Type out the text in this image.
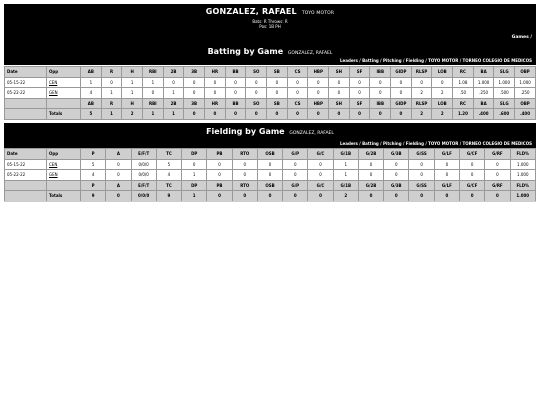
GONZALEZ, RAFAEL TOYO MOTOR
Bats: R Throws: R
Pos: 1B PH
Games /
Batting by Game GONZALEZ, RAFAEL
Leaders / Batting / Pitching / Fielding / TOYO MOTOR / TORNEO COLEGIO DE MEDICOS
Date	Opp	AB	R	H	RBI	2B	3B	HR	BB	SO	SB	CS	HBP	SH	SF	IBB	GIDP	RLSP	LOB	RC	BA	SLG	OBP
05-15-22	CEN	1	0	1	1	0	0	0	0	0	0	0	0	0	0	0	0	0	0	1.08	1.000	1.000	1.000
05-22-22	GEN	4	1	1	0	1	0	0	0	0	0	0	0	0	0	0	0	2	2	.50	.250	.500	.250
		AB	R	H	RBI	2B	3B	HR	BB	SO	SB	CS	HBP	SH	SF	IBB	GIDP	RLSP	LOB	RC	BA	SLG	OBP
	Totals	5	1	2	1	1	0	0	0	0	0	0	0	0	0	0	0	2	2	1.20	.400	.600	.400
Fielding by Game GONZALEZ, RAFAEL
Leaders / Batting / Pitching / Fielding / TOYO MOTOR / TORNEO COLEGIO DE MEDICOS
Date	Opp	P	A	E/F/T	TC	DP	PB	RTO	OSB	G/P	G/C	G/1B	G/2B	G/3B	G/SS	G/LF	G/CF	G/RF	FLD%
05-15-22	CEN	5	0	0/0/0	5	0	0	0	0	0	0	1	0	0	0	0	0	0	1.000
05-22-22	GEN	4	0	0/0/0	4	1	0	0	0	0	0	1	0	0	0	0	0	0	1.000
		P	A	E/F/T	TC	DP	PB	RTO	OSB	G/P	G/C	G/1B	G/2B	G/3B	G/SS	G/LF	G/CF	G/RF	FLD%
	Totals	9	0	0/0/0	9	1	0	0	0	0	0	2	0	0	0	0	0	0	1.000
